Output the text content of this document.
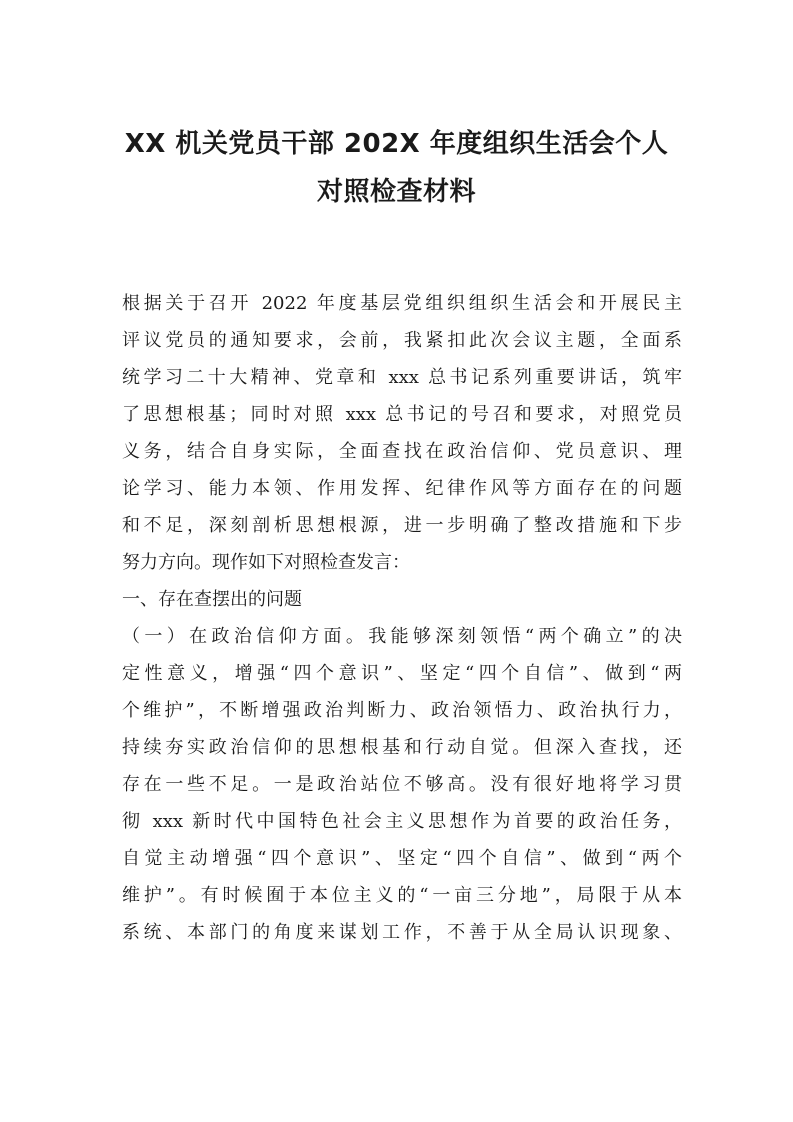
XX 机关党员干部 202X 年度组织生活会个人
对照检查材料
根据关于召开 2022 年度基层党组织组织生活会和开展民主
评议党员的通知要求，会前，我紧扣此次会议主题，全面系
统学习二十大精神、党章和 xxx 总书记系列重要讲话，筑牢
了思想根基；同时对照 xxx 总书记的号召和要求，对照党员
义务，结合自身实际，全面查找在政治信仰、党员意识、理
论学习、能力本领、作用发挥、纪律作风等方面存在的问题
和不足，深刻剖析思想根源，进一步明确了整改措施和下步
努力方向。现作如下对照检查发言：
一、存在查摆出的问题
（一）在政治信仰方面。我能够深刻领悟“两个确立”的决
定性意义，增强“四个意识”、坚定“四个自信”、做到“两
个维护”，不断增强政治判断力、政治领悟力、政治执行力，
持续夯实政治信仰的思想根基和行动自觉。但深入查找，还
存在一些不足。一是政治站位不够高。没有很好地将学习贯
彻 xxx 新时代中国特色社会主义思想作为首要的政治任务，
自觉主动增强“四个意识”、坚定“四个自信”、做到“两个
维护”。有时候囿于本位主义的“一亩三分地”，局限于从本
系统、本部门的角度来谋划工作，不善于从全局认识现象、
